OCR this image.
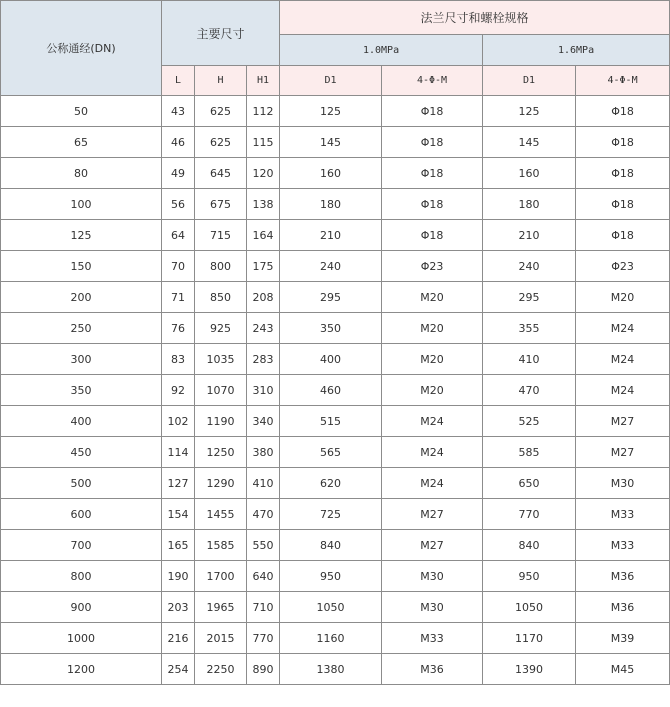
公称通经(DN)	主要尺寸			法兰尺寸和螺栓规格			
				1.0MPa		1.6MPa	
	L	H	H1	D1	4-Φ-M	D1	4-Φ-M
50	43	625	112	125	Φ18	125	Φ18
65	46	625	115	145	Φ18	145	Φ18
80	49	645	120	160	Φ18	160	Φ18
100	56	675	138	180	Φ18	180	Φ18
125	64	715	164	210	Φ18	210	Φ18
150	70	800	175	240	Φ23	240	Φ23
200	71	850	208	295	M20	295	M20
250	76	925	243	350	M20	355	M24
300	83	1035	283	400	M20	410	M24
350	92	1070	310	460	M20	470	M24
400	102	1190	340	515	M24	525	M27
450	114	1250	380	565	M24	585	M27
500	127	1290	410	620	M24	650	M30
600	154	1455	470	725	M27	770	M33
700	165	1585	550	840	M27	840	M33
800	190	1700	640	950	M30	950	M36
900	203	1965	710	1050	M30	1050	M36
1000	216	2015	770	1160	M33	1170	M39
1200	254	2250	890	1380	M36	1390	M45
